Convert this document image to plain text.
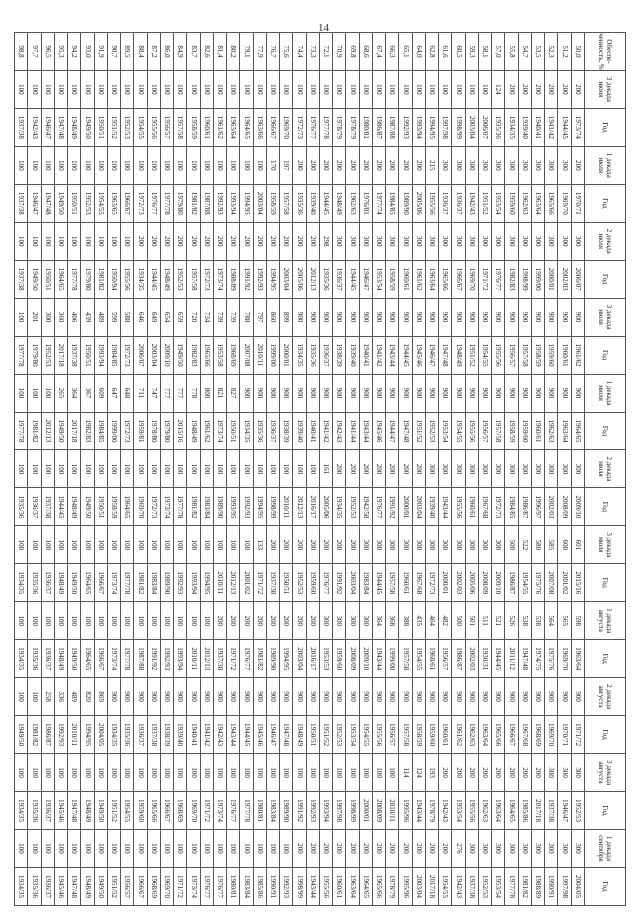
14
Обеспе-ченность, %	3 декада июня	Год	1 декада июля	Год	2 декада июля	Год	3 декада июля	Год	1 декада июля	Год	2 декада июля	Год	3 декада июля	Год	1 декада августа	Год	2 декада августа	Год	3 декада августа	Год	1 декада сентября	Год
50,0	200	1973/74	200	1970/71	300	2006/07	900	1961/62	900	1964/65	300	2009/10	601	2015/16	598	1963/64	900	1971/72	300	1952/53	300	2004/05
51,2	200	1944/45	300	1969/70	300	2002/03	900	1960/61	900	1963/64	300	2008/09	600	2001/02	565	1969/70	900	1970/71	300	1946/47	300	1997/98
52,3	200	1941/42	300	1965/66	300	2000/01	900	1959/60	900	1962/63	300	2002/03	585	2007/08	564	1975/76	900	1969/70	300	1937/38	300	1990/91
53,5	200	1940/41	300	1963/64	300	1999/00	900	1958/59	900	1960/61	300	1996/97	580	1975/76	538	1974/75	900	1968/69	200	2017/18	300	1988/89
54,7	200	1939/40	300	1962/63	300	1998/99	900	1957/58	900	1959/60	300	1986/87	522	1954/55	538	1947/48	900	1967/68	200	1985/86	300	1981/82
55,8	200	1934/35	300	1959/60	300	1982/83	900	1956/57	900	1958/59	300	1984/85	500	1986/87	526	2011/12	900	1966/67	200	1964/65	300	1977/78
57,0	124	1935/36	300	1953/54	300	1976/77	900	1955/56	900	1957/58	300	1972/73	300	2009/10	521	1944/45	900	1965/66	200	1963/64	300	1953/54
58,1	100	2006/07	300	1951/52	300	1971/72	900	1954/55	900	1956/57	300	1967/68	300	2008/09	511	1930/31	900	1963/64	200	1962/63	300	1952/53
59,3	100	2003/04	300	1942/43	300	1969/70	900	1951/52	900	1955/56	300	1960/61	300	2005/06	501	2002/03	900	1962/63	200	1955/56	300	1937/38
60,5	100	1998/99	300	1936/37	300	1966/67	900	1948/49	900	1954/55	300	1955/56	300	2002/03	500	1986/87	900	1961/62	200	1953/54	276	1942/43
61,6	100	1997/98	300	1936/37	300	1965/66	900	1947/48	900	1953/54	300	1943/44	300	2000/01	482	1956/57	900	1960/61	200	1942/43	200	1954/55
62,8	100	1994/95	215	1955/56	300	1963/64	900	1946/47	900	1952/53	300	1939/40	300	1972/73	464	1960/61	900	1959/60	193	1978/79	200	2017/18
64,0	100	1993/94	200	2005/06	300	1961/62	900	1945/46	900	1951/52	200	2003/04	300	1967/68	435	1954/55	900	1958/59	124	1943/44	200	2003/04
65,1	100	1992/93	200	1989/90	300	1960/61	900	1944/45	900	1947/48	200	2000/01	300	1960/61	388	1957/58	900	1957/58	114	1995/96	200	1995/96
66,3	100	1987/88	200	1984/85	300	1958/59	900	1943/44	900	1944/47	200	1991/92	300	1957/58	368	1999/00	900	1956/57	100	2010/11	200	1978/79
67,4	100	1986/87	200	1977/74	300	1953/54	900	1941/42	900	1945/46	200	1976/77	300	1944/45	364	1943/44	900	1955/56	100	2008/09	200	1965/66
68,6	100	1980/81	200	1976/81	300	1946/47	900	1940/41	900	1943/44	200	1942/58	300	1983/84	300	2009/10	900	1954/55	100	2000/01	200	1964/65
69,8	100	1978/79	200	1962/63	300	1944/45	900	1939/40	900	1941/44	200	1952/53	200	2003/04	300	2008/09	900	1953/54	100	1998/99	200	1963/64
70,9	100	1978/79	200	1948/49	300	1936/37	900	1938/39	900	1942/43	200	1934/35	200	1991/92	300	1959/60	900	1952/53	100	1997/98	200	1960/61
72,1	100	1977/78	200	1944/45	298	1935/36	900	1936/37	900	1941/42	161	2005/06	200	1976/77	300	1953/53	900	1951/52	100	1993/94	200	1955/56
73,3	100	1976/77	200	1939/40	200	2012/13	900	1935/36	900	1940/41	100	2016/17	200	1959/60	200	2016/17	900	1950/51	100	1992/93	200	1943/44
74,4	100	1972/73	200	1935/36	200	2005/06	900	1934/35	900	1939/40	100	2012/13	200	1952/53	200	2003/04	900	1948/49	100	1991/92	200	1998/99
75,6	100	1969/70	197	1957/58	200	2003/04	899	2000/01	900	1938/39	100	2010/11	200	1950/51	200	1994/95	900	1947/48	100	1989/90	100	1992/93
76,7	100	1966/67	170	1958/59	200	1994/95	860	1999/00	900	1936/37	100	1998/99	200	1937/38	200	1989/90	900	1946/47	100	1983/84	100	1990/91
77,9	100	1963/66	100	2003/04	200	1992/93	797	2010/11	900	1935/36	100	1994/95	133	1971/72	200	1981/82	900	1945/46	100	1980/81	100	1985/86
79,1	100	1964/65	100	1994/95	200	1991/92	788	2007/08	900	1934/35	100	1992/93	100	2001/02	200	1976/77	900	1944/45	100	1977/78	100	1983/84
80,2	100	1963/64	100	1993/94	200	1988/89	739	1968/69	827	1950/51	100	1993/95	100	2012/13	200	1971/72	900	1943/44	100	1976/77	100	1980/81
81,4	100	1961/62	100	1992/93	200	1973/74	739	1953/58	821	1973/74	100	1989/90	100	2010/11	200	1937/38	900	1942/43	100	1973/74	100	1976/77
82,6	100	1960/61	100	1987/88	200	1972/73	734	1965/66	800	1961/62	100	1983/84	100	1994/95	100	2012/13	900	1941/42	100	1971/72	100	1976/77
83,7	100	1958/59	100	1981/82	200	1957/58	720	1982/83	778	1948/49	100	1981/82	100	1993/94	100	2010/11	900	1940/41	100	1969/70	100	1973/74
84,9	100	1957/58	100	1979/80	200	1952/53	659	1949/50	777	2015/16	100	1977/78	100	1992/93	100	1993/94	900	1939/40	100	1968/69	100	1971/72
86,0	100	1956/57	100	1977/78	200	1948/49	654	2009/10	777	1979/80	100	1973/74	100	1989/90	100	1992/93	900	1938/39	100	1966/67	100	1969/70
87,2	100	1955/56	100	1976/77	200	1944/45	649	2003/04	747	1978/80	100	1972/73	100	1983/84	100	1991/92	900	1937/38	100	1965/66	100	1968/69
88,4	100	1954/55	100	1972/73	200	1934/35	646	2006/07	711	1959/81	100	1969/70	100	1981/82	100	1987/88	900	1936/37	100	1959/60	100	1966/67
89,5	100	1952/53	100	1966/67	100	1955/56	588	1972/73	648	1972/73	100	1964/65	100	1977/78	100	1977/78	900	1935/36	100	1954/55	100	1956/57
90,7	100	1951/52	100	1963/65	100	1950/94	599	1984/85	647	1999/00	100	1958/59	100	1973/74	100	1973/74	900	1934/35	100	1951/52	100	1951/52
91,9	100	1950/51	100	1954/55	100	1981/82	489	1993/94	609	1984/85	100	1950/51	100	1966/67	100	1966/67	869	2004/05	100	1949/50	100	1949/50
93,0	100	1949/50	100	1952/53	100	1979/80	439	1950/51	367	1982/83	100	1949/50	100	1964/65	100	1964/65	820	1994/95	100	1948/49	100	1948/49
94,2	100	1948/49	100	1950/51	100	1977/78	406	1937/38	364	2017/18	100	1948/49	100	1949/50	100	1949/50	489	2010/11	100	1947/48	100	1947/48
95,3	100	1947/48	100	1949/50	100	1964/65	360	2017/18	265	1949/50	100	1944/45	100	1948/49	100	1948/49	336	1992/93	100	1945/46	100	1945/46
96,5	100	1946/47	100	1947/48	100	1950/51	300	1952/53	100	2012/13	100	1937/38	100	1936/37	100	1936/37	258	1986/87	100	1936/37	100	1936/37
97,7	100	1942/43	100	1946/47	100	1949/50	201	1979/80	100	1981/82	100	1936/37	100	1935/36	100	1935/36	100	1981/82	100	1935/36	100	1935/36
98,8	100	1937/38	100	1937/38	100	1937/38	100	1977/78	100	1977/78	100	1935/36	100	1934/35	100	1934/35	100	1949/50	100	1934/35	100	1934/35
